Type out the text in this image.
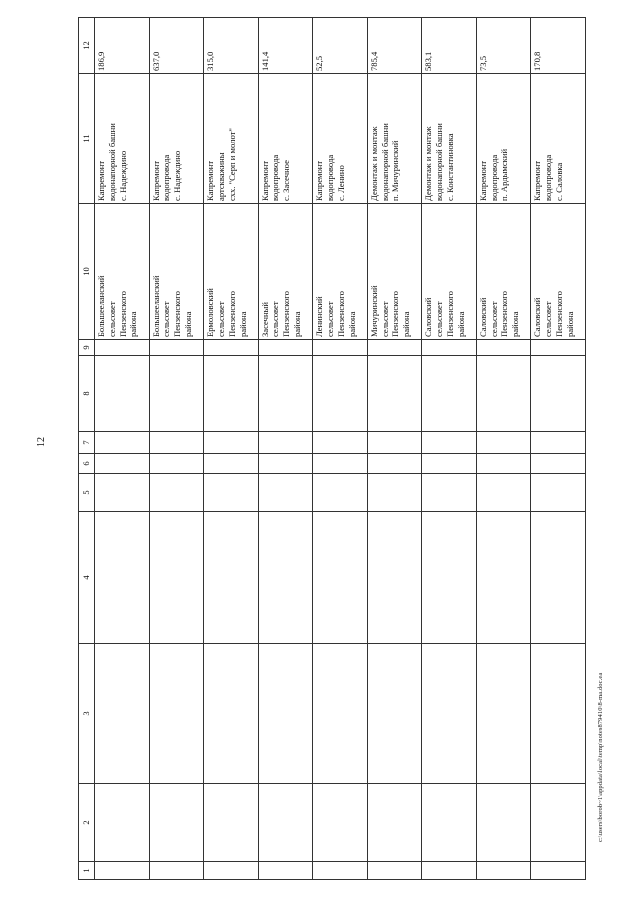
12
1	2	3	4	5	6	7	8	9	10	11	12
									Большееланский
сельсовет
Пензенского
района	Капремонт
водонапорной башни
с. Надеждино	186,9
									Большееланский
сельсовет
Пензенского
района	Капремонт
водопровода
с. Надеждино	637,0
									Ермоловский
сельсовет
Пензенского
района	Капремонт
артскважины
схх. "Серп и молот"	315,0
									Засечный
сельсовет
Пензенского
района	Капремонт
водопровода
с. Засечное	141,4
									Ленинский
сельсовет
Пензенского
района	Капремонт
водопровода
с. Ленино	52,5
									Мичуринский
сельсовет
Пензенского
района	Демонтаж и монтаж
водонапорной башни
п. Мичуринский	785,4
									Саловский
сельсовет
Пензенского
района	Демонтаж и монтаж
водонапорной башни
с. Константиновка	583,1
									Саловский
сельсовет
Пензенского
района	Капремонт
водопровода
п. Ардымский	73,5
									Саловский
сельсовет
Пензенского
района	Капремонт
водопровода
с. Саловка	170,8
c:\users\borob~1\appdata\local\temp\notes879410\8-ma.doc.ea
